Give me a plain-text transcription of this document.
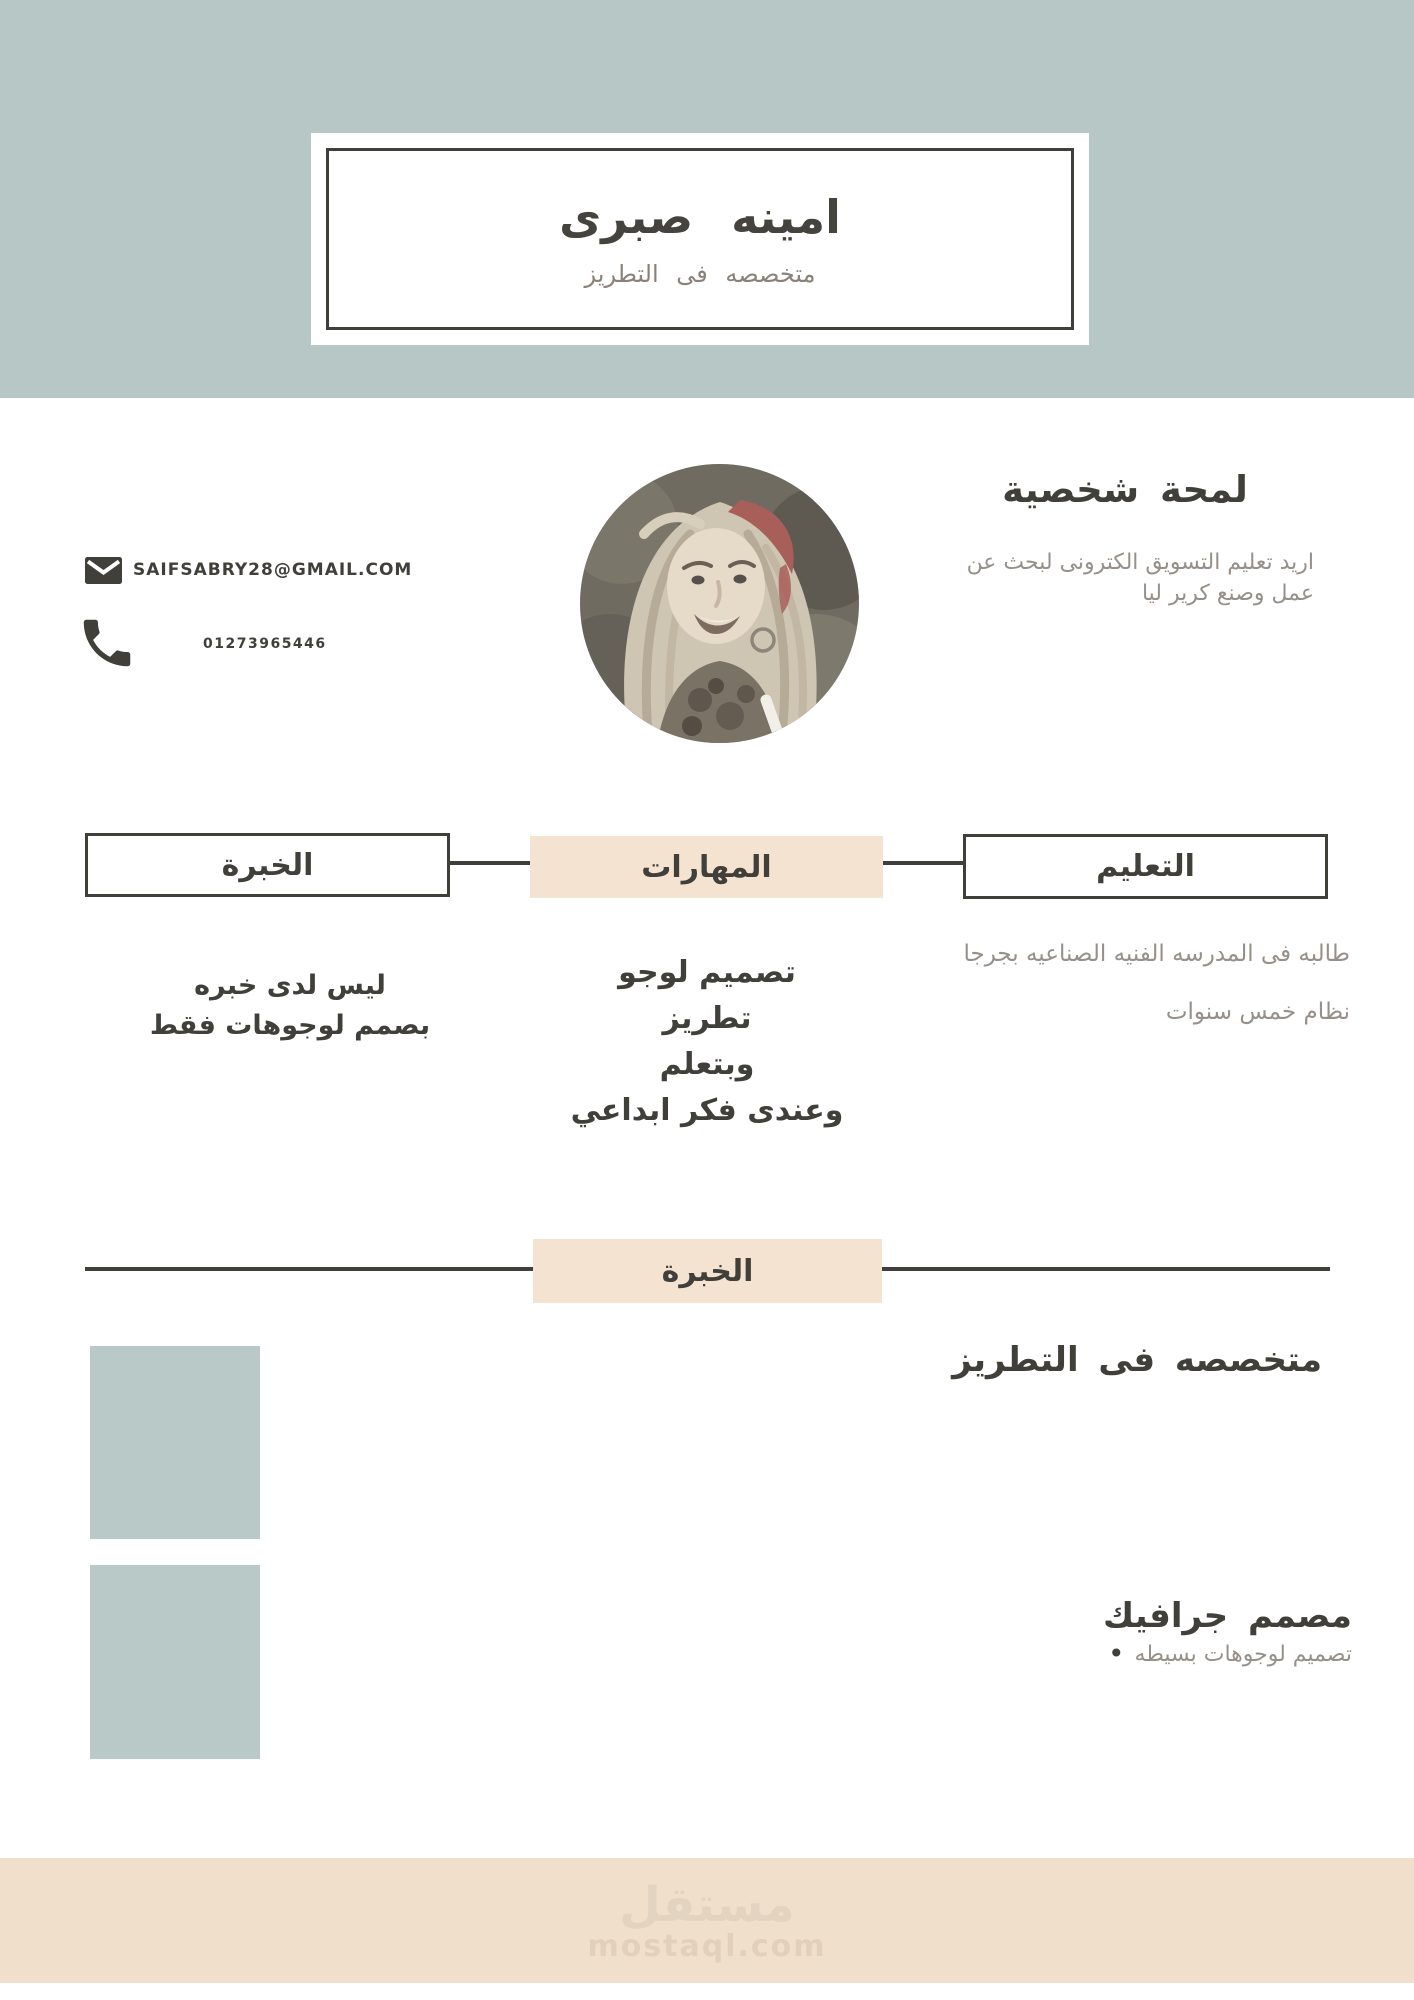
امينه صبرى
متخصصه فى التطريز
لمحة شخصية
اريد تعليم التسويق الكترونى لبحث عن عمل وصنع كرير ليا
SAIFSABRY28@GMAIL.COM
01273965446
الخبرة	المهارات	التعليم
طالبه فى المدرسه الفنيه الصناعيه بجرجا
نظام خمس سنوات
تصميم لوجو
تطريز
وبتعلم
وعندى فكر ابداعي
ليس لدى خبره
بصمم لوجوهات فقط
الخبرة
متخصصه فى التطريز
مصمم جرافيك
• تصميم لوجوهات بسيطه
مستقل
mostaql.com
